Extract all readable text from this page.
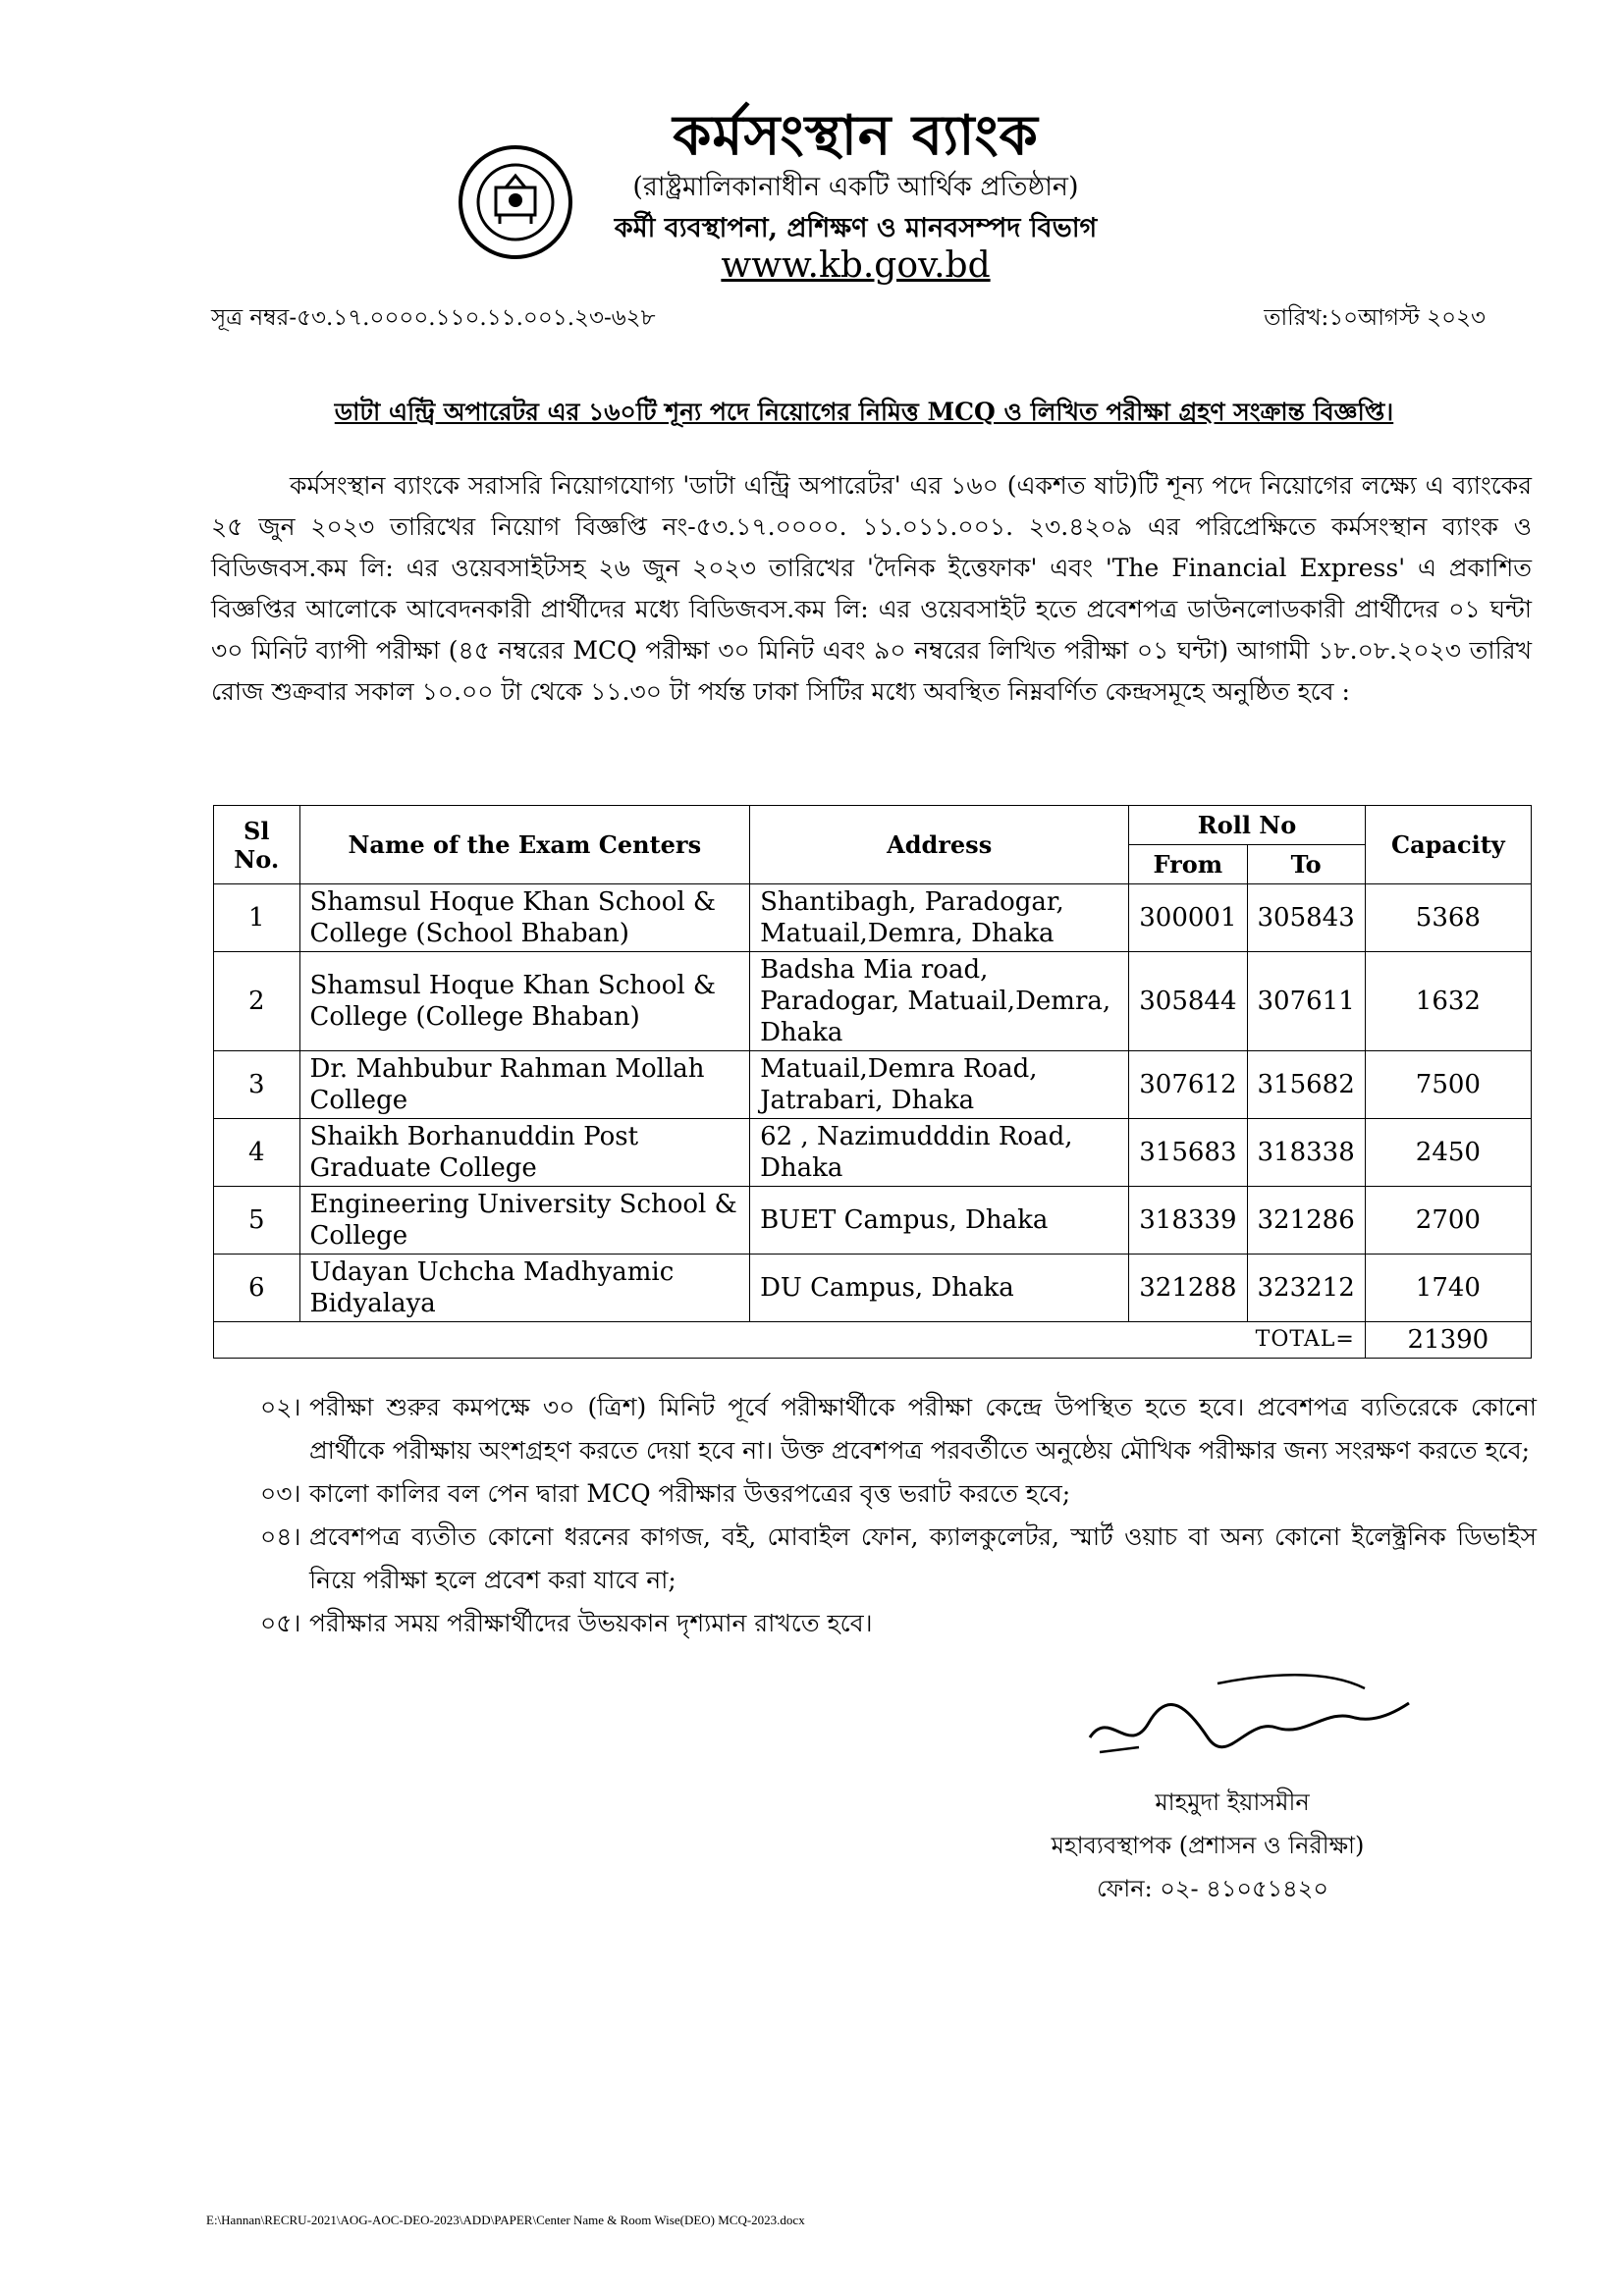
কর্মসংস্থান ব্যাংক
(রাষ্ট্রমালিকানাধীন একটি আর্থিক প্রতিষ্ঠান)
কর্মী ব্যবস্থাপনা, প্রশিক্ষণ ও মানবসম্পদ বিভাগ
www.kb.gov.bd
সূত্র নম্বর-৫৩.১৭.০০০০.১১০.১১.০০১.২৩-৬২৮	তারিখ:১০আগস্ট ২০২৩
ডাটা এন্ট্রি অপারেটর এর ১৬০টি শূন্য পদে নিয়োগের নিমিত্ত MCQ ও লিখিত পরীক্ষা গ্রহণ সংক্রান্ত বিজ্ঞপ্তি।
কর্মসংস্থান ব্যাংকে সরাসরি নিয়োগযোগ্য 'ডাটা এন্ট্রি অপারেটর' এর ১৬০ (একশত ষাট)টি শূন্য পদে নিয়োগের লক্ষ্যে এ ব্যাংকের ২৫ জুন ২০২৩ তারিখের নিয়োগ বিজ্ঞপ্তি নং-৫৩.১৭.০০০০. ১১.০১১.০০১. ২৩.৪২০৯ এর পরিপ্রেক্ষিতে কর্মসংস্থান ব্যাংক ও বিডিজবস.কম লি: এর ওয়েবসাইটসহ ২৬ জুন ২০২৩ তারিখের 'দৈনিক ইত্তেফাক' এবং 'The Financial Express' এ প্রকাশিত বিজ্ঞপ্তির আলোকে আবেদনকারী প্রার্থীদের মধ্যে বিডিজবস.কম লি: এর ওয়েবসাইট হতে প্রবেশপত্র ডাউনলোডকারী প্রার্থীদের ০১ ঘন্টা ৩০ মিনিট ব্যাপী পরীক্ষা (৪৫ নম্বরের MCQ পরীক্ষা ৩০ মিনিট এবং ৯০ নম্বরের লিখিত পরীক্ষা ০১ ঘন্টা) আগামী ১৮.০৮.২০২৩ তারিখ রোজ শুক্রবার সকাল ১০.০০ টা থেকে ১১.৩০ টা পর্যন্ত ঢাকা সিটির মধ্যে অবস্থিত নিম্নবর্ণিত কেন্দ্রসমূহে অনুষ্ঠিত হবে :
Sl No.	Name of the Exam Centers	Address	Roll No		Capacity
			From	To	
1	Shamsul Hoque Khan School & College (School Bhaban)	Shantibagh, Paradogar, Matuail,Demra, Dhaka	300001	305843	5368
2	Shamsul Hoque Khan School & College (College Bhaban)	Badsha Mia road, Paradogar, Matuail,Demra, Dhaka	305844	307611	1632
3	Dr. Mahbubur Rahman Mollah College	Matuail,Demra Road, Jatrabari, Dhaka	307612	315682	7500
4	Shaikh Borhanuddin Post Graduate College	62 , Nazimudddin Road, Dhaka	315683	318338	2450
5	Engineering University School & College	BUET Campus, Dhaka	318339	321286	2700
6	Udayan Uchcha Madhyamic Bidyalaya	DU Campus, Dhaka	321288	323212	1740
TOTAL=					21390
০২। পরীক্ষা শুরুর কমপক্ষে ৩০ (ত্রিশ) মিনিট পূর্বে পরীক্ষার্থীকে পরীক্ষা কেন্দ্রে উপস্থিত হতে হবে। প্রবেশপত্র ব্যতিরেকে কোনো প্রার্থীকে পরীক্ষায় অংশগ্রহণ করতে দেয়া হবে না। উক্ত প্রবেশপত্র পরবর্তীতে অনুষ্ঠেয় মৌখিক পরীক্ষার জন্য সংরক্ষণ করতে হবে;
০৩। কালো কালির বল পেন দ্বারা MCQ পরীক্ষার উত্তরপত্রের বৃত্ত ভরাট করতে হবে;
০৪। প্রবেশপত্র ব্যতীত কোনো ধরনের কাগজ, বই, মোবাইল ফোন, ক্যালকুলেটর, স্মার্ট ওয়াচ বা অন্য কোনো ইলেক্ট্রনিক ডিভাইস নিয়ে পরীক্ষা হলে প্রবেশ করা যাবে না;
০৫। পরীক্ষার সময় পরীক্ষার্থীদের উভয়কান দৃশ্যমান রাখতে হবে।
মাহমুদা ইয়াসমীন
মহাব্যবস্থাপক (প্রশাসন ও নিরীক্ষা)
ফোন: ০২- ৪১০৫১৪২০
E:\Hannan\RECRU-2021\AOG-AOC-DEO-2023\ADD\PAPER\Center Name & Room Wise(DEO) MCQ-2023.docx
